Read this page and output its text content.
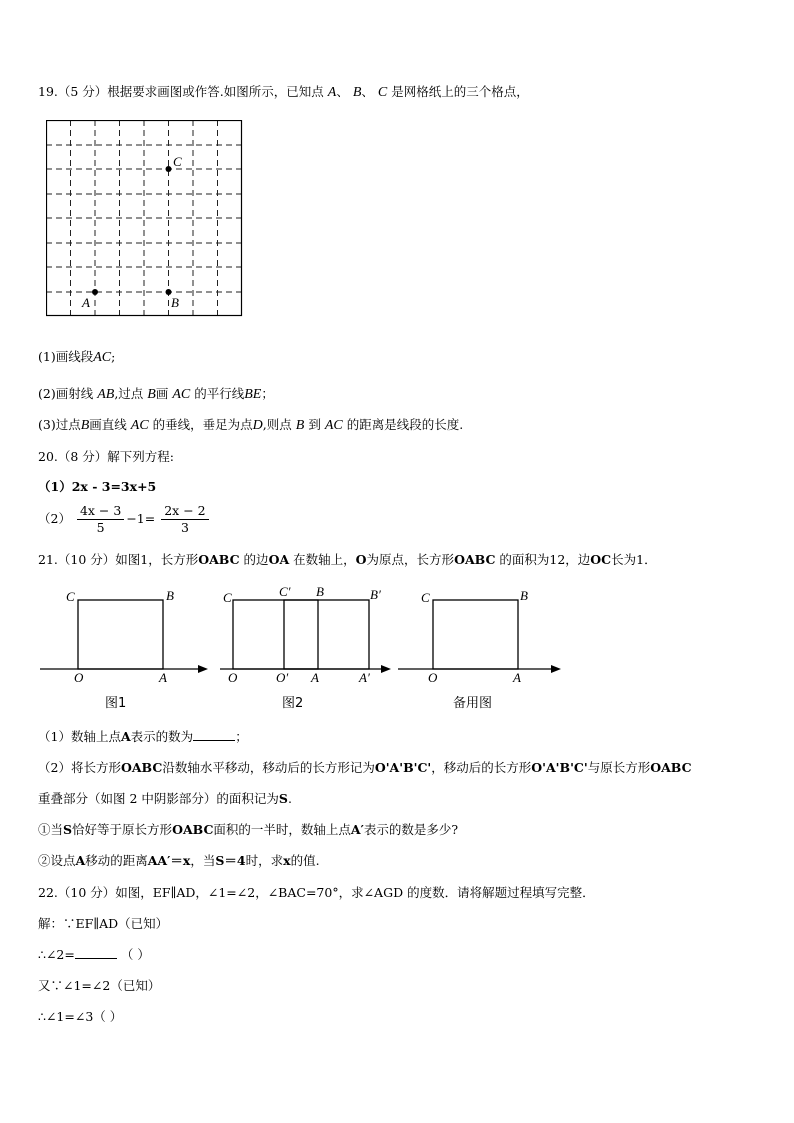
19.（5 分）根据要求画图或作答.如图所示，已知点 A、 B、 C 是网格纸上的三个格点，
C
A	B
(1)画线段AC;
(2)画射线 AB,过点 B画 AC 的平行线BE；
(3)过点B画直线 AC 的垂线，垂足为点D,则点 B 到 AC 的距离是线段的长度.
20.（8 分）解下列方程:
（1）2x - 3=3x+5
$(2) \frac{4x - 3}{5} -1= \frac{2x - 2}{3}$
21.（10 分）如图1，长方形OABC 的边OA 在数轴上，O为原点，长方形OABC 的面积为12，边OC长为1．
C	B
O	A
图1
C	C′ B	B′
O	O′ A	A′
图2
C	B
O	A
备用图
（1）数轴上点A表示的数为	；
（2）将长方形OABC沿数轴水平移动，移动后的长方形记为O'A'B'C'，移动后的长方形O'A'B'C'与原长方形OABC
重叠部分（如图 2 中阴影部分）的面积记为S.
①当S恰好等于原长方形OABC面积的一半时，数轴上点A′表示的数是多少?
②设点A移动的距离AA′＝x，当S＝4时，求x的值.
22.（10 分）如图，EF∥AD，∠1=∠2，∠BAC=70°，求∠AGD 的度数．请将解题过程填写完整．
解：∵EF∥AD（已知）
∴∠2=	（ ）
又∵∠1=∠2（已知）
∴∠1=∠3（ ）
